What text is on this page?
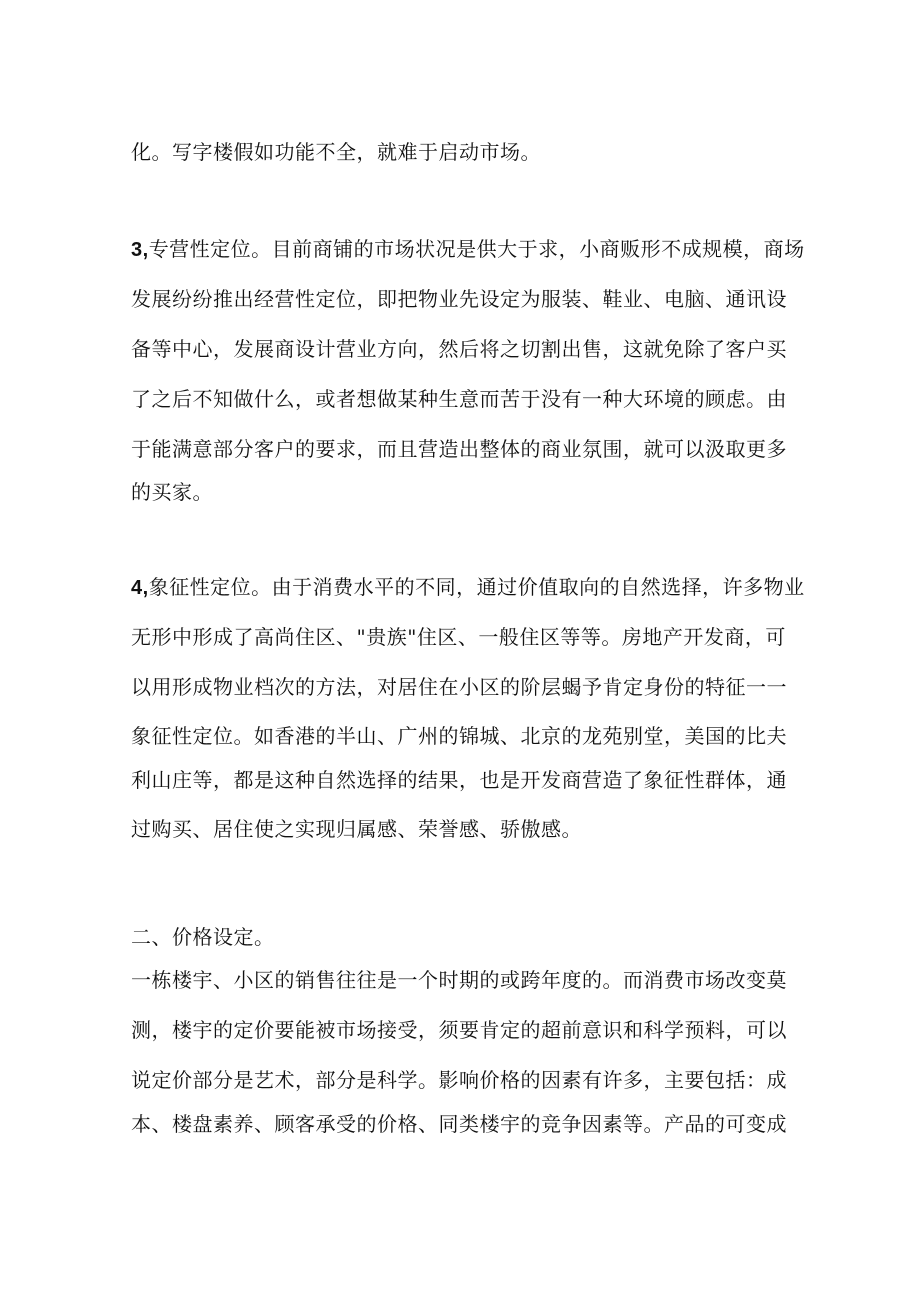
化。写字楼假如功能不全，就难于启动市场。
3,专营性定位。目前商铺的市场状况是供大于求，小商贩形不成规模，商场
发展纷纷推出经营性定位，即把物业先设定为服装、鞋业、电脑、通讯设
备等中心，发展商设计营业方向，然后将之切割出售，这就免除了客户买
了之后不知做什么，或者想做某种生意而苦于没有一种大环境的顾虑。由
于能满意部分客户的要求，而且营造出整体的商业氛围，就可以汲取更多
的买家。
4,象征性定位。由于消费水平的不同，通过价值取向的自然选择，许多物业
无形中形成了高尚住区、"贵族"住区、一般住区等等。房地产开发商，可
以用形成物业档次的方法，对居住在小区的阶层蝎予肯定身份的特征一一
象征性定位。如香港的半山、广州的锦城、北京的龙苑别堂，美国的比夫
利山庄等，都是这种自然选择的结果，也是开发商营造了象征性群体，通
过购买、居住使之实现归属感、荣誉感、骄傲感。
二、价格设定。
一栋楼宇、小区的销售往往是一个时期的或跨年度的。而消费市场改变莫
测，楼宇的定价要能被市场接受，须要肯定的超前意识和科学预料，可以
说定价部分是艺术，部分是科学。影响价格的因素有许多，主要包括：成
本、楼盘素养、顾客承受的价格、同类楼宇的竞争因素等。产品的可变成
